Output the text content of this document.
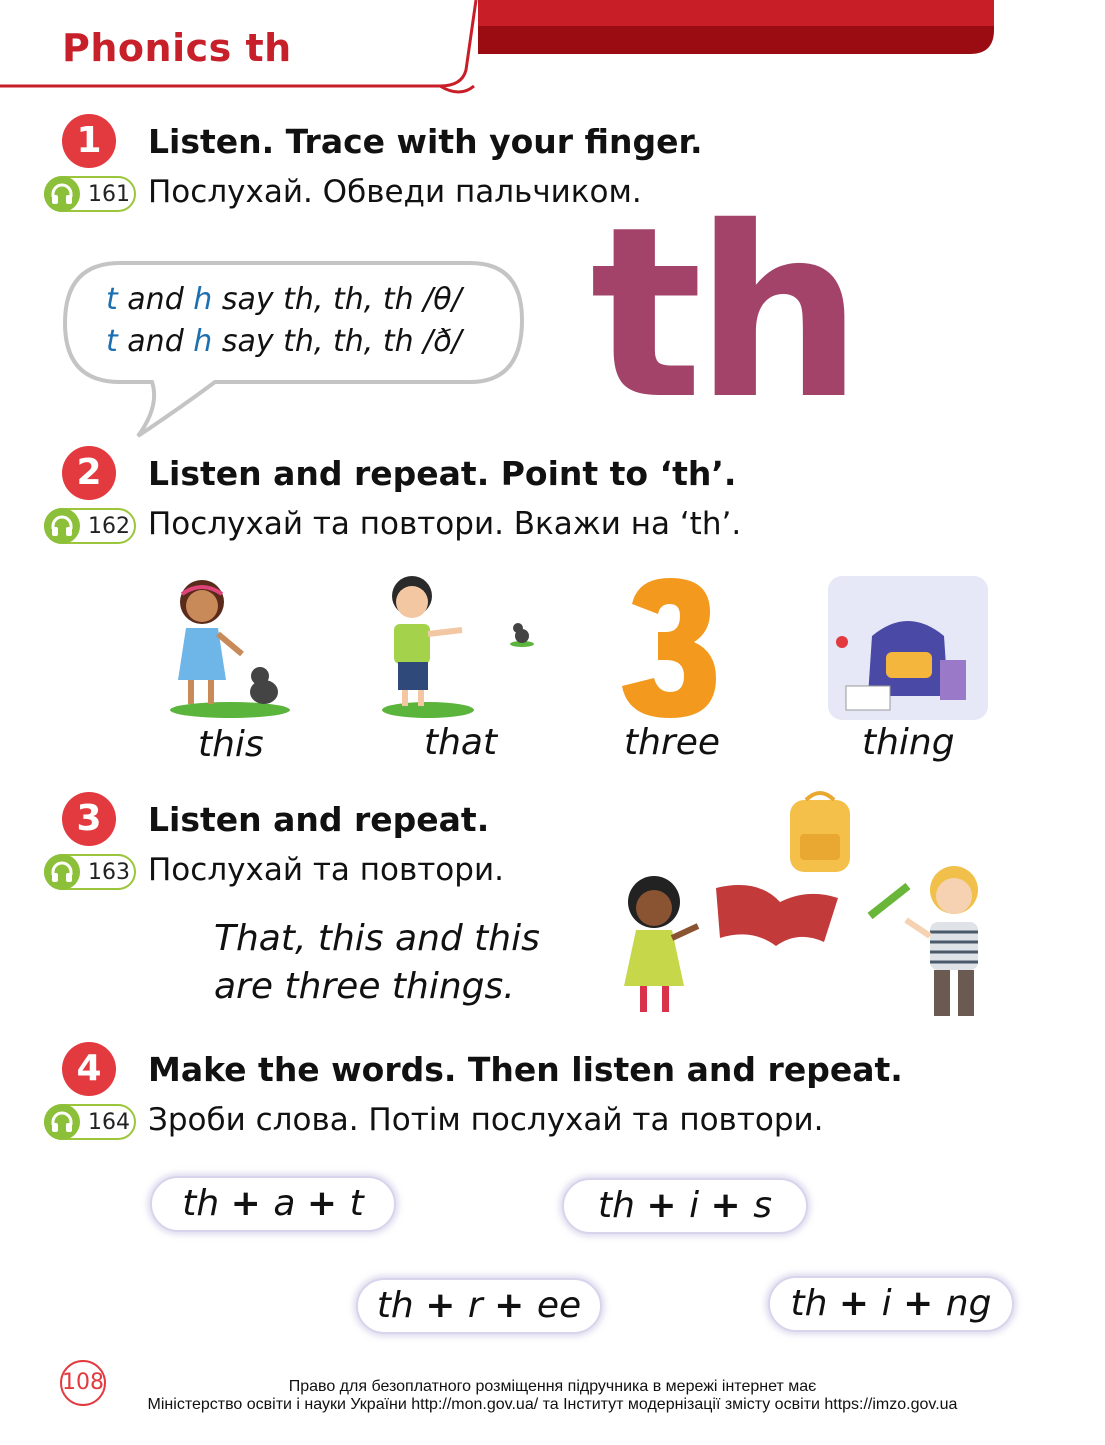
Phonics th
1	Listen. Trace with your finger.
161 Послухай. Обведи пальчиком.
t and h say th, th, th /θ/
t and h say th, th, th /ð/ th
2	Listen and repeat. Point to ‘th’.
162 Послухай та повтори. Вкажи на ‘th’.
this	that	three	thing
3	Listen and repeat.
163 Послухай та повтори.
That, this and this
are three things.
4	Make the words. Then listen and repeat.
164 Зроби слова. Потім послухай та повтори.
th + a + t	th + i + s
th + r + ee	th + i + ng
108	Право для безоплатного розміщення підручника в мережі інтернет має
Міністерство освіти і науки України http://mon.gov.ua/ та Інститут модернізації змісту освіти https://imzo.gov.ua
